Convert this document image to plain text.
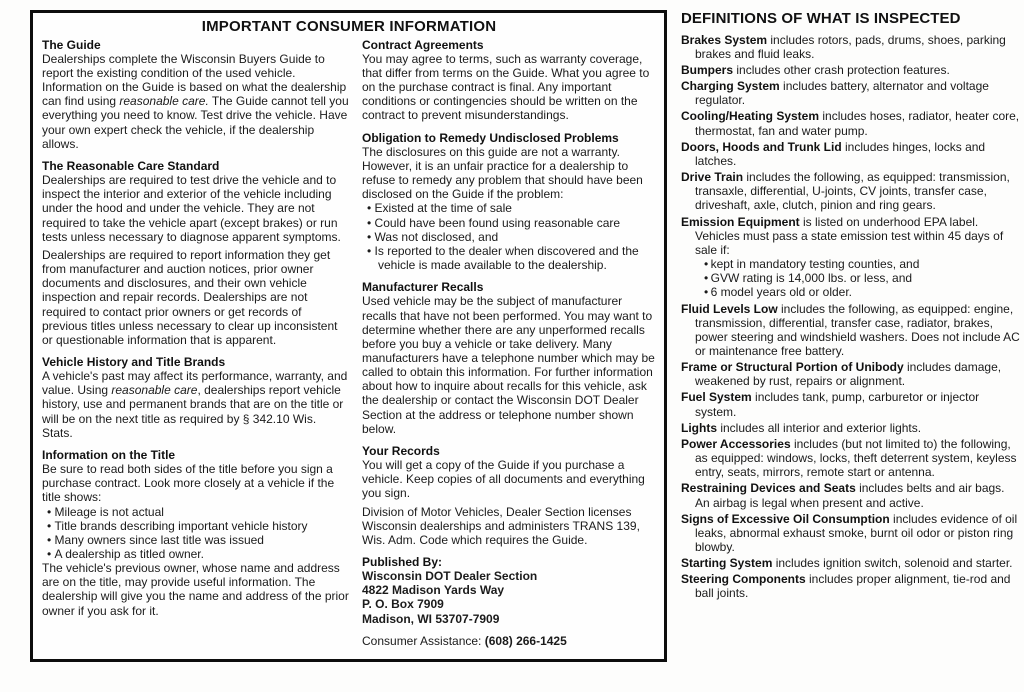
IMPORTANT CONSUMER INFORMATION
The Guide
Dealerships complete the Wisconsin Buyers Guide to report the existing condition of the used vehicle. Information on the Guide is based on what the dealership can find using reasonable care. The Guide cannot tell you everything you need to know. Test drive the vehicle. Have your own expert check the vehicle, if the dealership allows.
The Reasonable Care Standard
Dealerships are required to test drive the vehicle and to inspect the interior and exterior of the vehicle including under the hood and under the vehicle. They are not required to take the vehicle apart (except brakes) or run tests unless necessary to diagnose apparent symptoms.
Dealerships are required to report information they get from manufacturer and auction notices, prior owner documents and disclosures, and their own vehicle inspection and repair records. Dealerships are not required to contact prior owners or get records of previous titles unless necessary to clear up inconsistent or questionable information that is apparent.
Vehicle History and Title Brands
A vehicle's past may affect its performance, warranty, and value. Using reasonable care, dealerships report vehicle history, use and permanent brands that are on the title or will be on the next title as required by § 342.10 Wis. Stats.
Information on the Title
Be sure to read both sides of the title before you sign a purchase contract. Look more closely at a vehicle if the title shows:
• Mileage is not actual
• Title brands describing important vehicle history
• Many owners since last title was issued
• A dealership as titled owner.
The vehicle's previous owner, whose name and address are on the title, may provide useful information. The dealership will give you the name and address of the prior owner if you ask for it.
Contract Agreements
You may agree to terms, such as warranty coverage, that differ from terms on the Guide. What you agree to on the purchase contract is final. Any important conditions or contingencies should be written on the contract to prevent misunderstandings.
Obligation to Remedy Undisclosed Problems
The disclosures on this guide are not a warranty. However, it is an unfair practice for a dealership to refuse to remedy any problem that should have been disclosed on the Guide if the problem:
• Existed at the time of sale
• Could have been found using reasonable care
• Was not disclosed, and
• Is reported to the dealer when discovered and the vehicle is made available to the dealership.
Manufacturer Recalls
Used vehicle may be the subject of manufacturer recalls that have not been performed. You may want to determine whether there are any unperformed recalls before you buy a vehicle or take delivery. Many manufacturers have a telephone number which may be called to obtain this information. For further information about how to inquire about recalls for this vehicle, ask the dealership or contact the Wisconsin DOT Dealer Section at the address or telephone number shown below.
Your Records
You will get a copy of the Guide if you purchase a vehicle. Keep copies of all documents and everything you sign.
Division of Motor Vehicles, Dealer Section licenses Wisconsin dealerships and administers TRANS 139, Wis. Adm. Code which requires the Guide.
Published By:
Wisconsin DOT Dealer Section
4822 Madison Yards Way
P. O. Box 7909
Madison, WI 53707-7909
Consumer Assistance: (608) 266-1425
DEFINITIONS OF WHAT IS INSPECTED
Brakes System includes rotors, pads, drums, shoes, parking brakes and fluid leaks.
Bumpers includes other crash protection features.
Charging System includes battery, alternator and voltage regulator.
Cooling/Heating System includes hoses, radiator, heater core, thermostat, fan and water pump.
Doors, Hoods and Trunk Lid includes hinges, locks and latches.
Drive Train includes the following, as equipped: transmission, transaxle, differential, U-joints, CV joints, transfer case, driveshaft, axle, clutch, pinion and ring gears.
Emission Equipment is listed on underhood EPA label. Vehicles must pass a state emission test within 45 days of sale if:
• kept in mandatory testing counties, and
• GVW rating is 14,000 lbs. or less, and
• 6 model years old or older.
Fluid Levels Low includes the following, as equipped: engine, transmission, differential, transfer case, radiator, brakes, power steering and windshield washers. Does not include AC or maintenance free battery.
Frame or Structural Portion of Unibody includes damage, weakened by rust, repairs or alignment.
Fuel System includes tank, pump, carburetor or injector system.
Lights includes all interior and exterior lights.
Power Accessories includes (but not limited to) the following, as equipped: windows, locks, theft deterrent system, keyless entry, seats, mirrors, remote start or antenna.
Restraining Devices and Seats includes belts and air bags. An airbag is legal when present and active.
Signs of Excessive Oil Consumption includes evidence of oil leaks, abnormal exhaust smoke, burnt oil odor or piston ring blowby.
Starting System includes ignition switch, solenoid and starter.
Steering Components includes proper alignment, tie-rod and ball joints.
